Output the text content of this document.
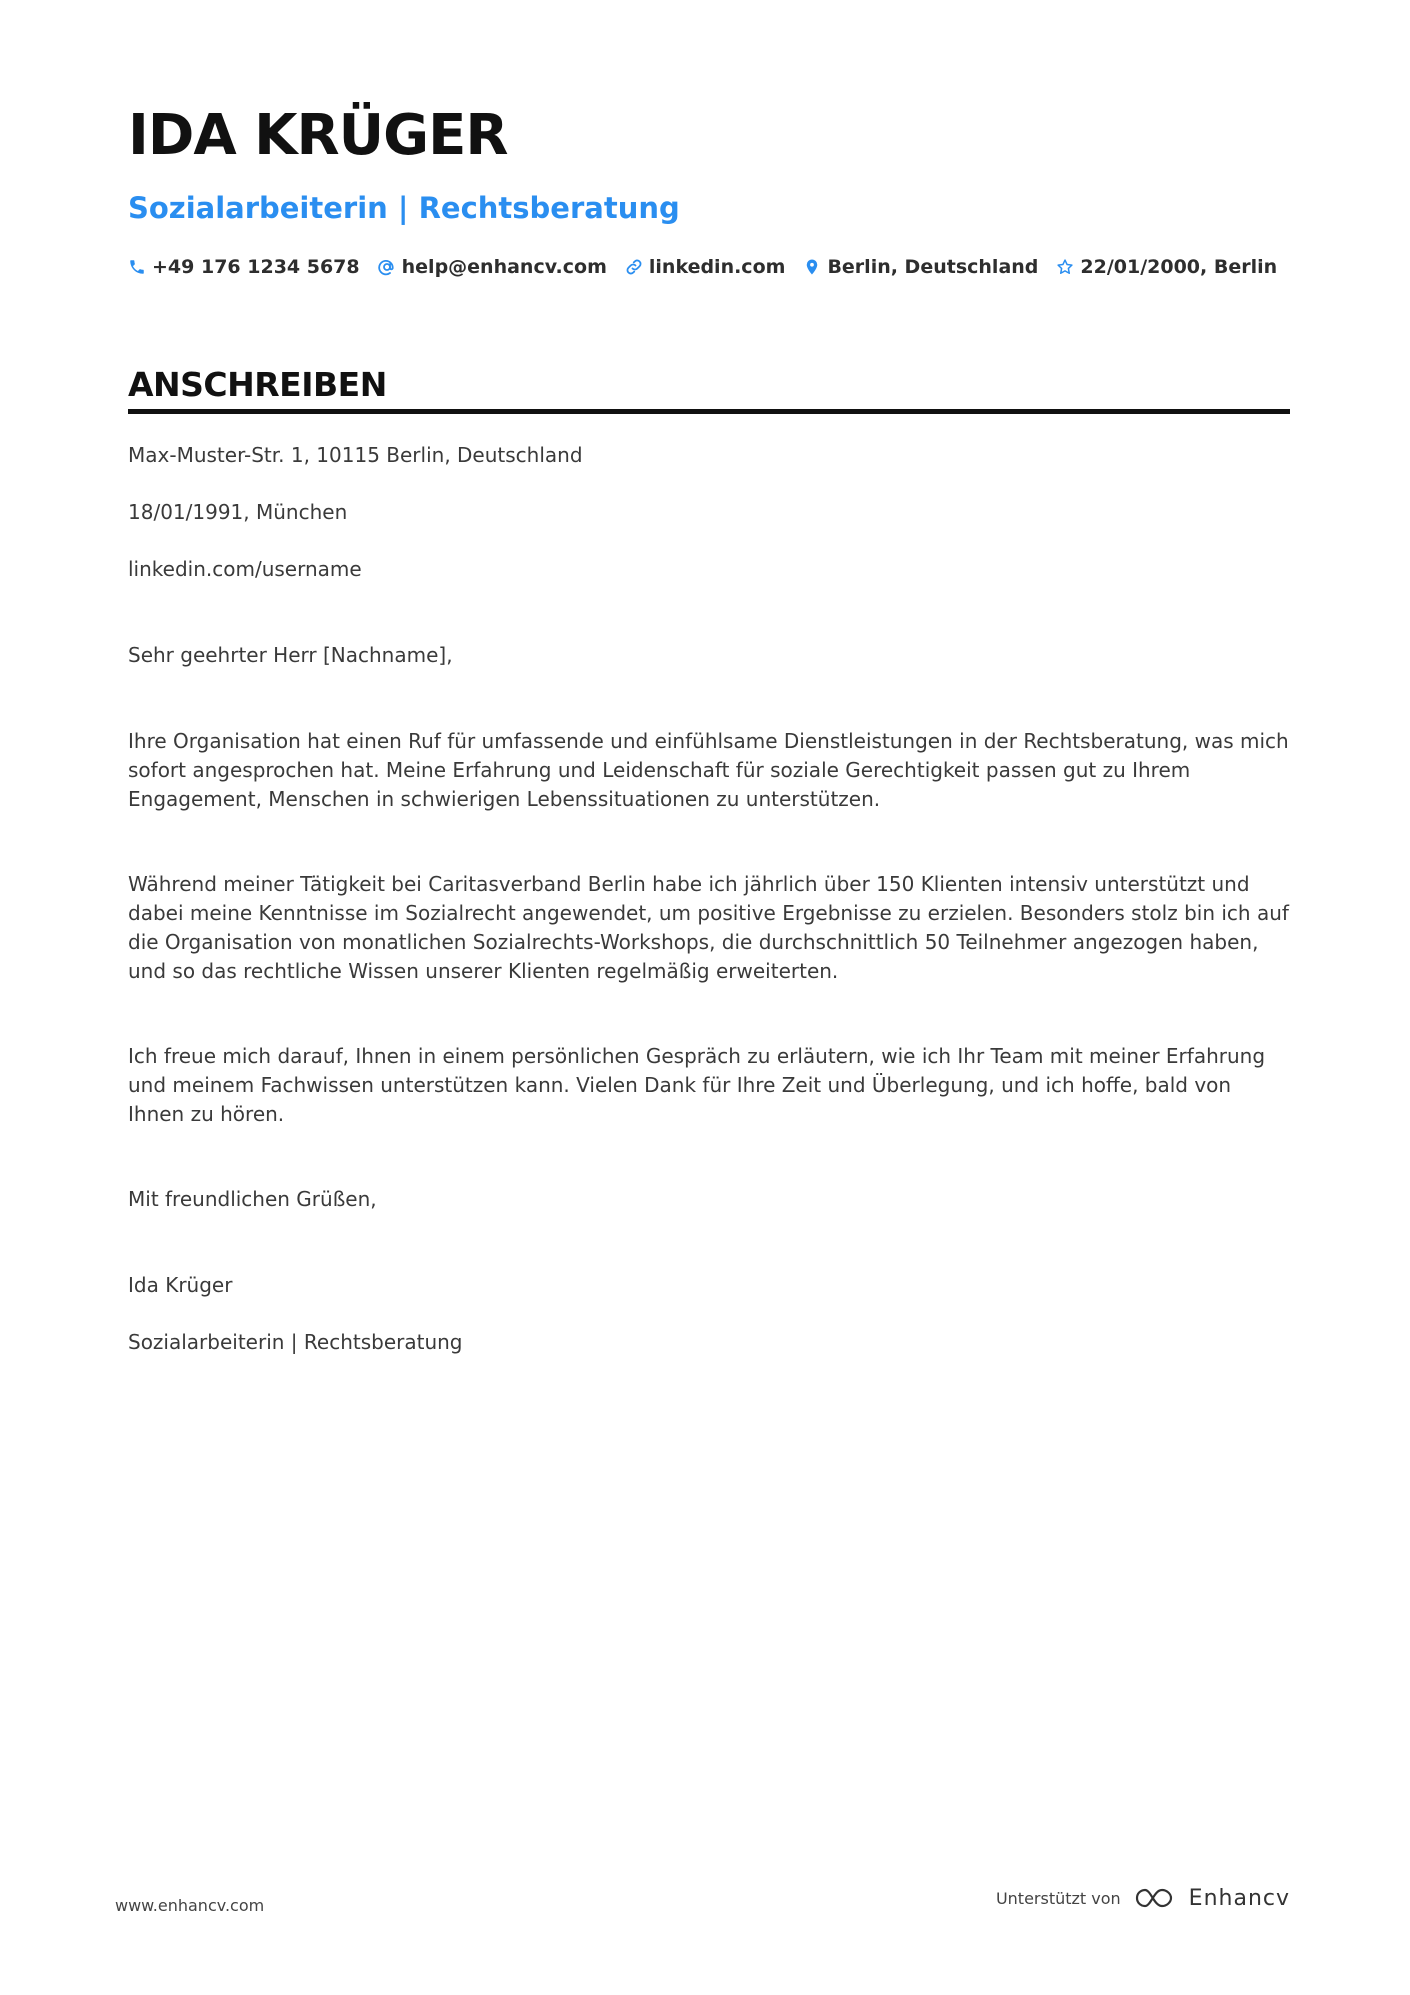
IDA KRÜGER
Sozialarbeiterin | Rechtsberatung
+49 176 1234 5678 help@enhancv.com linkedin.com Berlin, Deutschland 22/01/2000, Berlin
ANSCHREIBEN
Max-Muster-Str. 1, 10115 Berlin, Deutschland
18/01/1991, München
linkedin.com/username
Sehr geehrter Herr [Nachname],
Ihre Organisation hat einen Ruf für umfassende und einfühlsame Dienstleistungen in der Rechtsberatung, was mich sofort angesprochen hat. Meine Erfahrung und Leidenschaft für soziale Gerechtigkeit passen gut zu Ihrem Engagement, Menschen in schwierigen Lebenssituationen zu unterstützen.
Während meiner Tätigkeit bei Caritasverband Berlin habe ich jährlich über 150 Klienten intensiv unterstützt und dabei meine Kenntnisse im Sozialrecht angewendet, um positive Ergebnisse zu erzielen. Besonders stolz bin ich auf die Organisation von monatlichen Sozialrechts-Workshops, die durchschnittlich 50 Teilnehmer angezogen haben, und so das rechtliche Wissen unserer Klienten regelmäßig erweiterten.
Ich freue mich darauf, Ihnen in einem persönlichen Gespräch zu erläutern, wie ich Ihr Team mit meiner Erfahrung und meinem Fachwissen unterstützen kann. Vielen Dank für Ihre Zeit und Überlegung, und ich hoffe, bald von Ihnen zu hören.
Mit freundlichen Grüßen,
Ida Krüger
Sozialarbeiterin | Rechtsberatung
www.enhancv.com	Unterstützt von	Enhancv
